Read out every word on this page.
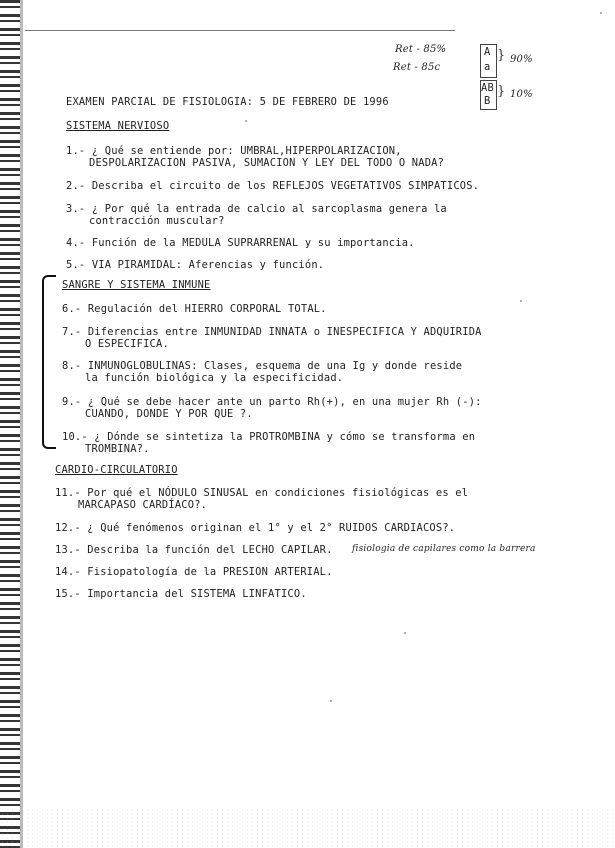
Ret - 85%
Ret - 85c
A
a
} 90%
AB
B
} 10%
EXAMEN PARCIAL DE FISIOLOGIA: 5 DE FEBRERO DE 1996
SISTEMA NERVIOSO
1.- ¿ Qué se entiende por: UMBRAL,HIPERPOLARIZACION,
DESPOLARIZACION PASIVA, SUMACION Y LEY DEL TODO O NADA?
2.- Describa el circuito de los REFLEJOS VEGETATIVOS SIMPATICOS.
3.- ¿ Por qué la entrada de calcio al sarcoplasma genera la
contracción muscular?
4.- Función de la MEDULA SUPRARRENAL y su importancia.
5.- VIA PIRAMIDAL: Aferencias y función.
SANGRE Y SISTEMA INMUNE
6.- Regulación del HIERRO CORPORAL TOTAL.
7.- Diferencias entre INMUNIDAD INNATA o INESPECIFICA Y ADQUIRIDA
O ESPECIFICA.
8.- INMUNOGLOBULINAS: Clases, esquema de una Ig y donde reside
la función biológica y la especificidad.
9.- ¿ Qué se debe hacer ante un parto Rh(+), en una mujer Rh (-):
CUANDO, DONDE Y POR QUE ?.
10.- ¿ Dónde se sintetiza la PROTROMBINA y cómo se transforma en
TROMBINA?.
CARDIO-CIRCULATORIO
11.- Por qué el NÓDULO SINUSAL en condiciones fisiológicas es el
MARCAPASO CARDÍACO?.
12.- ¿ Qué fenómenos originan el 1° y el 2° RUIDOS CARDIACOS?.
13.- Describa la función del LECHO CAPILAR. fisiologia de capilares como la barrera
14.- Fisiopatología de la PRESION ARTERIAL.
15.- Importancia del SISTEMA LINFATICO.
